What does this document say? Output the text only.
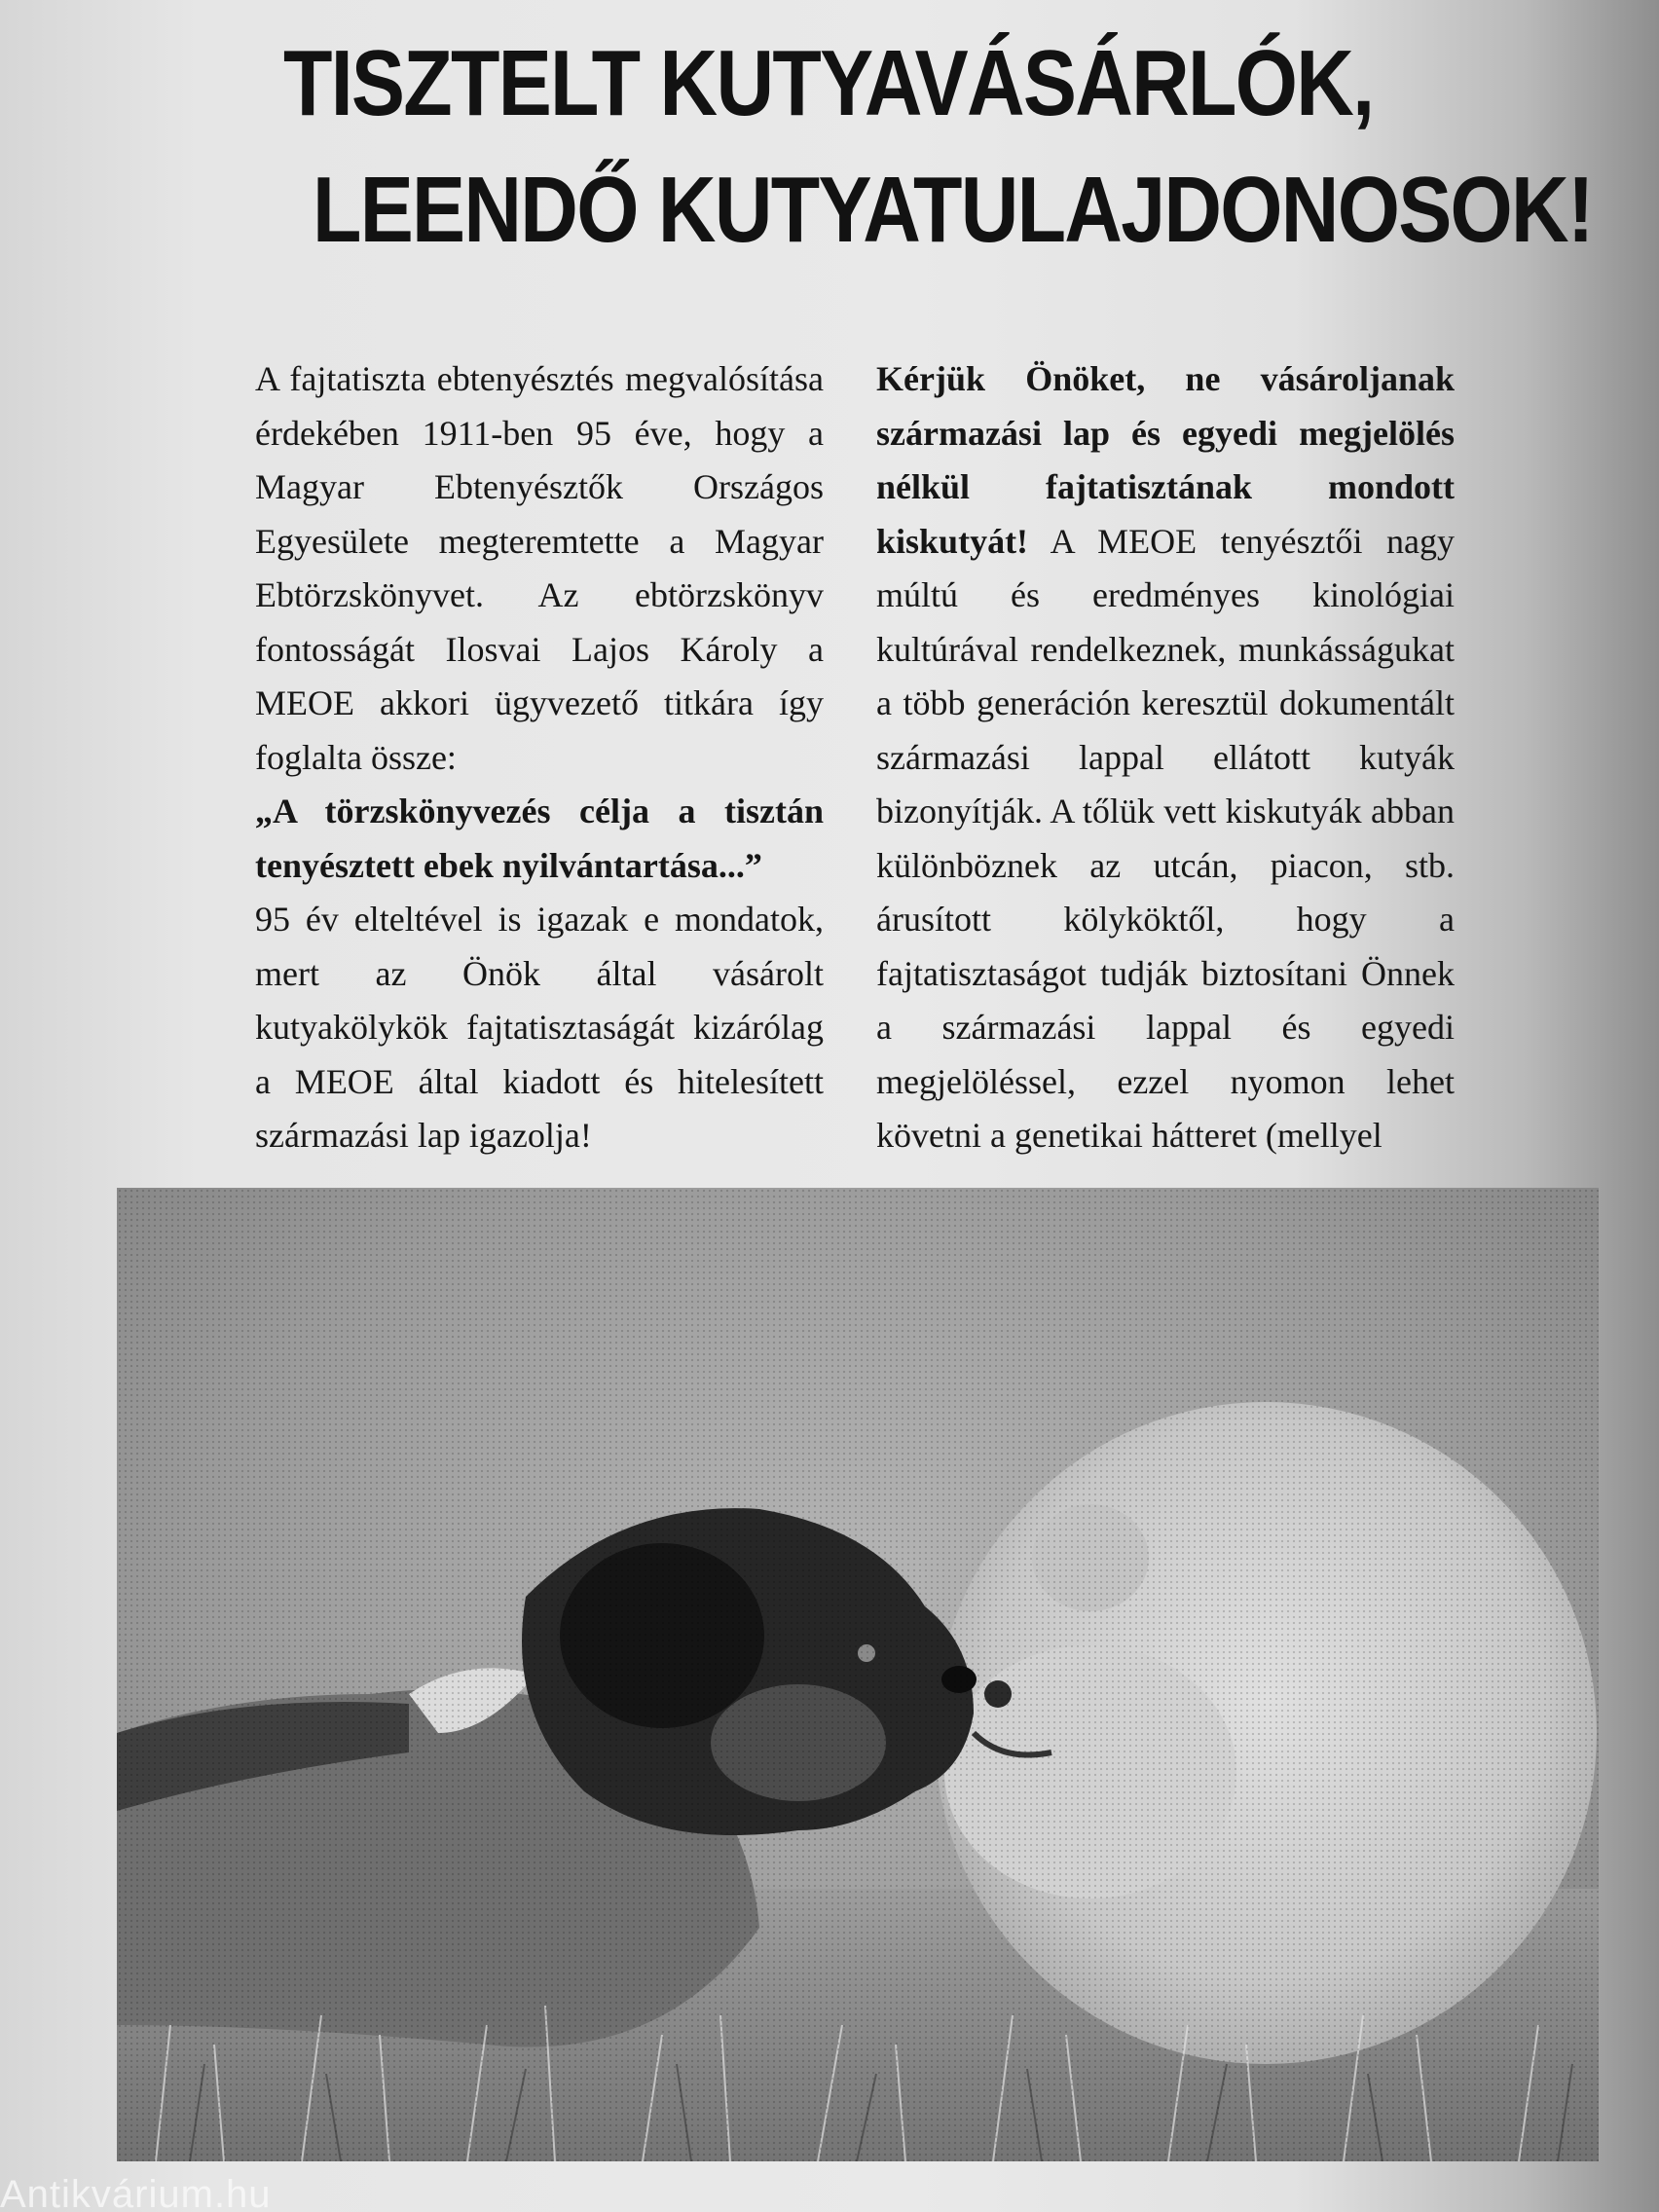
TISZTELT KUTYAVÁSÁRLÓK,
LEENDŐ KUTYATULAJDONOSOK!

A fajtatiszta ebtenyésztés megvalósítása érdekében 1911-ben 95 éve, hogy a Magyar Ebtenyésztők Országos Egyesülete megteremtette a Magyar Ebtörzskönyvet. Az ebtörzskönyv fontosságát Ilosvai Lajos Károly a MEOE akkori ügyvezető titkára így foglalta össze:

„A törzskönyvezés célja a tisztán tenyésztett ebek nyilvántartása...”

95 év elteltével is igazak e mondatok, mert az Önök által vásárolt kutyakölykök fajtatisztaságát kizárólag a MEOE által kiadott és hitelesített származási lap igazolja!

Kérjük Önöket, ne vásároljanak származási lap és egyedi megjelölés nélkül fajtatisztának mondott kiskutyát! A MEOE tenyésztői nagy múltú és eredményes kinológiai kultúrával rendelkeznek, munkásságukat a több generáción keresztül dokumentált származási lappal ellátott kutyák bizonyítják. A tőlük vett kiskutyák abban különböznek az utcán, piacon, stb. árusított kölyköktől, hogy a fajtatisztaságot tudják biztosítani Önnek a származási lappal és egyedi megjelöléssel, ezzel nyomon lehet követni a genetikai hátteret (mellyel

Antikvárium.hu
